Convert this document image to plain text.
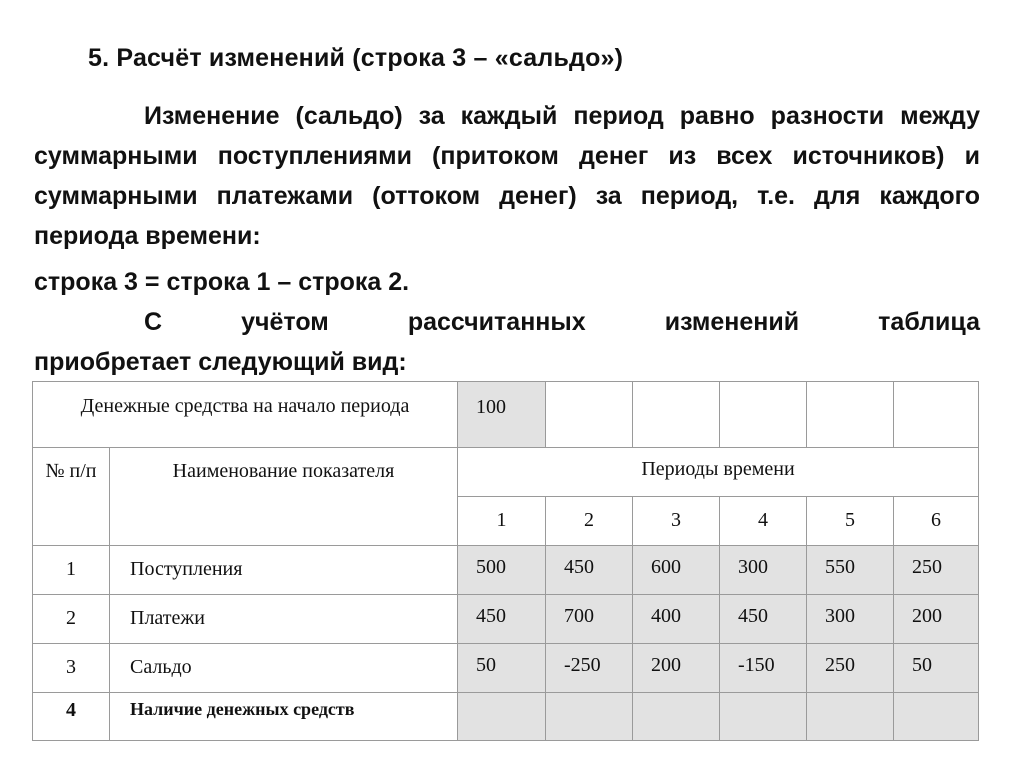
5. Расчёт изменений (строка 3 – «сальдо»)
Изменение (сальдо) за каждый период равно разности между суммарными поступлениями (притоком денег из всех источников) и суммарными платежами (оттоком денег) за период, т.е. для каждого периода времени:
строка 3 = строка 1 – строка 2.
С	учётом	рассчитанных	изменений	таблица
приобретает следующий вид:
Денежные средства на начало периода		100					
№ п/п	Наименование показателя	Периоды времени					
		1	2	3	4	5	6
1	Поступления	500	450	600	300	550	250
2	Платежи	450	700	400	450	300	200
3	Сальдо	50	-250	200	-150	250	50
4	Наличие денежных средств						
